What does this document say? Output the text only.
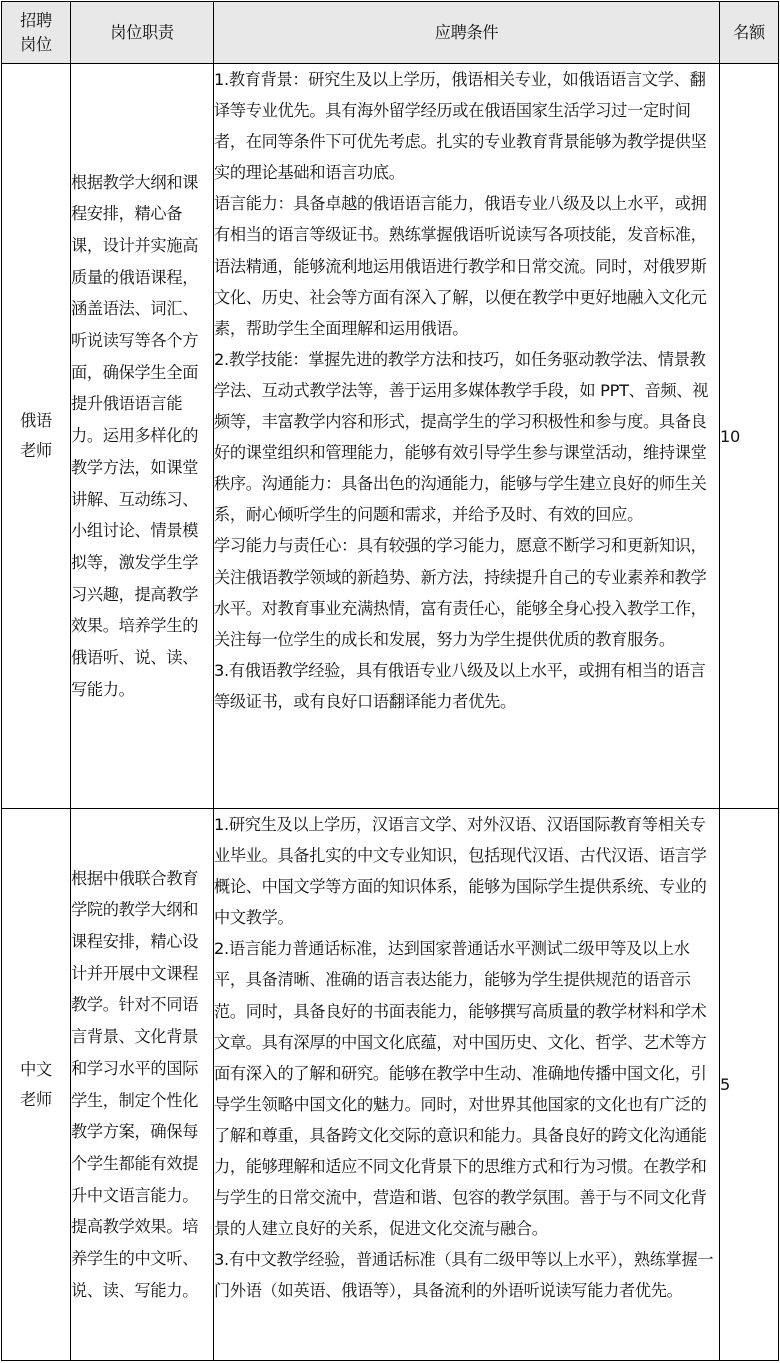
招聘
岗位	岗位职责	应聘条件	名额
俄语
老师	根据教学大纲和课程安排，精心备课，设计并实施高质量的俄语课程，涵盖语法、词汇、听说读写等各个方面，确保学生全面提升俄语语言能力。运用多样化的教学方法，如课堂讲解、互动练习、小组讨论、情景模拟等，激发学生学习兴趣，提高教学效果。培养学生的俄语听、说、读、写能力。	1.教育背景：研究生及以上学历，俄语相关专业，如俄语语言文学、翻译等专业优先。具有海外留学经历或在俄语国家生活学习过一定时间者，在同等条件下可优先考虑。扎实的专业教育背景能够为教学提供坚实的理论基础和语言功底。
语言能力：具备卓越的俄语语言能力，俄语专业八级及以上水平，或拥有相当的语言等级证书。熟练掌握俄语听说读写各项技能，发音标准，语法精通，能够流利地运用俄语进行教学和日常交流。同时，对俄罗斯文化、历史、社会等方面有深入了解，以便在教学中更好地融入文化元素，帮助学生全面理解和运用俄语。
2.教学技能：掌握先进的教学方法和技巧，如任务驱动教学法、情景教学法、互动式教学法等，善于运用多媒体教学手段，如 PPT、音频、视频等，丰富教学内容和形式，提高学生的学习积极性和参与度。具备良好的课堂组织和管理能力，能够有效引导学生参与课堂活动，维持课堂秩序。沟通能力：具备出色的沟通能力，能够与学生建立良好的师生关系，耐心倾听学生的问题和需求，并给予及时、有效的回应。
学习能力与责任心：具有较强的学习能力，愿意不断学习和更新知识，关注俄语教学领域的新趋势、新方法，持续提升自己的专业素养和教学水平。对教育事业充满热情，富有责任心，能够全身心投入教学工作，关注每一位学生的成长和发展，努力为学生提供优质的教育服务。
3.有俄语教学经验，具有俄语专业八级及以上水平，或拥有相当的语言等级证书，或有良好口语翻译能力者优先。	10
中文
老师	根据中俄联合教育学院的教学大纲和课程安排，精心设计并开展中文课程教学。针对不同语言背景、文化背景和学习水平的国际学生，制定个性化教学方案，确保每个学生都能有效提升中文语言能力。提高教学效果。培养学生的中文听、说、读、写能力。	1.研究生及以上学历，汉语言文学、对外汉语、汉语国际教育等相关专业毕业。具备扎实的中文专业知识，包括现代汉语、古代汉语、语言学概论、中国文学等方面的知识体系，能够为国际学生提供系统、专业的中文教学。
2.语言能力普通话标准，达到国家普通话水平测试二级甲等及以上水平，具备清晰、准确的语言表达能力，能够为学生提供规范的语音示范。同时，具备良好的书面表能力，能够撰写高质量的教学材料和学术文章。具有深厚的中国文化底蕴，对中国历史、文化、哲学、艺术等方面有深入的了解和研究。能够在教学中生动、准确地传播中国文化，引导学生领略中国文化的魅力。同时，对世界其他国家的文化也有广泛的了解和尊重，具备跨文化交际的意识和能力。具备良好的跨文化沟通能力，能够理解和适应不同文化背景下的思维方式和行为习惯。在教学和与学生的日常交流中，营造和谐、包容的教学氛围。善于与不同文化背景的人建立良好的关系，促进文化交流与融合。
3.有中文教学经验，普通话标准（具有二级甲等以上水平），熟练掌握一门外语（如英语、俄语等），具备流利的外语听说读写能力者优先。	5
